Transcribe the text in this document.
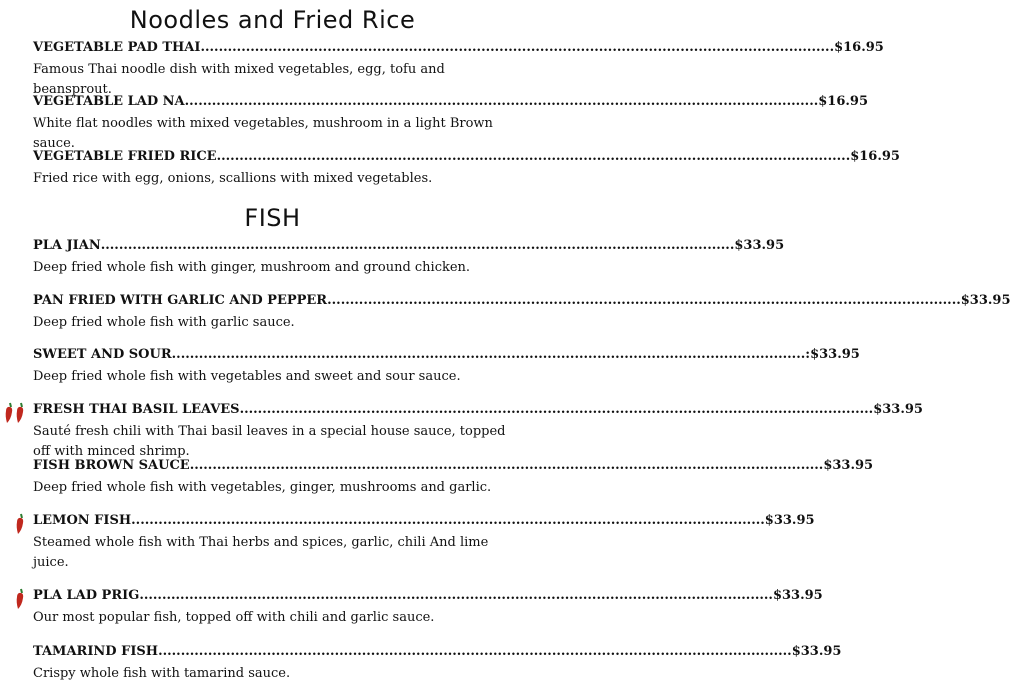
Noodles and Fried Rice
VEGETABLE PAD THAI ............................................................................................................................................ $16.95
Famous Thai noodle dish with mixed vegetables, egg, tofu and beansprout.
VEGETABLE LAD NA ............................................................................................................................................ $16.95
White flat noodles with mixed vegetables, mushroom in a light Brown sauce.
VEGETABLE FRIED RICE ............................................................................................................................................ $16.95
Fried rice with egg, onions, scallions with mixed vegetables.
FISH
PLA JIAN ............................................................................................................................................ $33.95
Deep fried whole fish with ginger, mushroom and ground chicken.
PAN FRIED WITH GARLIC AND PEPPER ............................................................................................................................................ $33.95
Deep fried whole fish with garlic sauce.
SWEET AND SOUR ............................................................................................................................................ :$33.95
Deep fried whole fish with vegetables and sweet and sour sauce.
FRESH THAI BASIL LEAVES ............................................................................................................................................ $33.95
Sauté fresh chili with Thai basil leaves in a special house sauce, topped off with minced shrimp.
FISH BROWN SAUCE ............................................................................................................................................ $33.95
Deep fried whole fish with vegetables, ginger, mushrooms and garlic.
LEMON FISH ............................................................................................................................................ $33.95
Steamed whole fish with Thai herbs and spices, garlic, chili And lime juice.
PLA LAD PRIG ............................................................................................................................................ $33.95
Our most popular fish, topped off with chili and garlic sauce.
TAMARIND FISH ............................................................................................................................................ $33.95
Crispy whole fish with tamarind sauce.
